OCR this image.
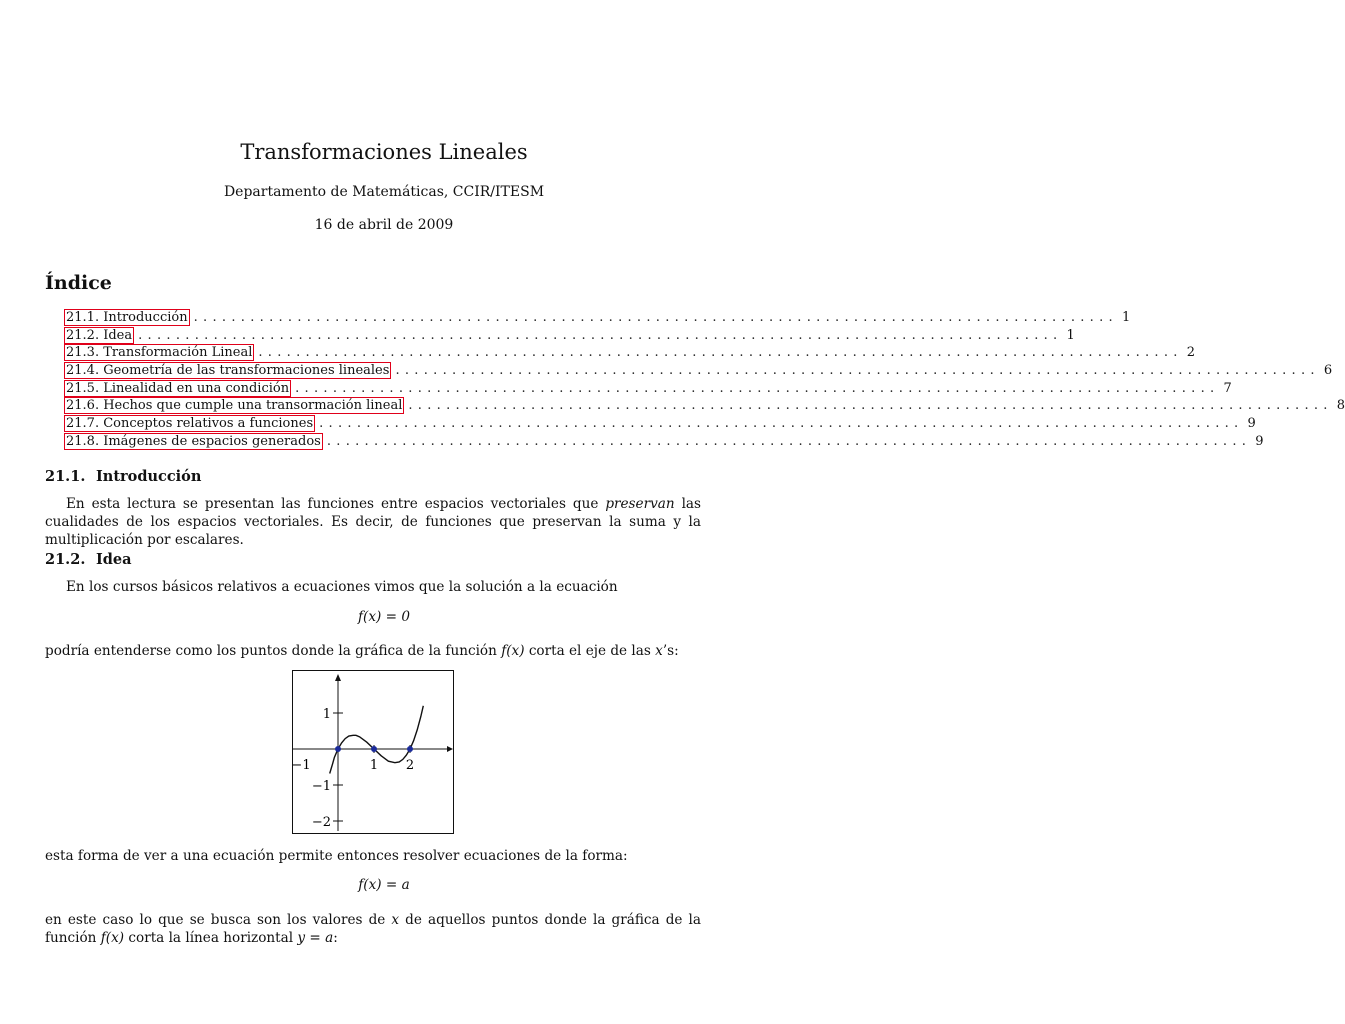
Transformaciones Lineales
Departamento de Matemáticas, CCIR/ITESM
16 de abril de 2009
Índice
21.1. Introducción .................................................................................................. 1
21.2. Idea .................................................................................................. 1
21.3. Transformación Lineal .................................................................................................. 2
21.4. Geometría de las transformaciones lineales .................................................................................................. 6
21.5. Linealidad en una condición .................................................................................................. 7
21.6. Hechos que cumple una transormación lineal .................................................................................................. 8
21.7. Conceptos relativos a funciones .................................................................................................. 9
21.8. Imágenes de espacios generados .................................................................................................. 9
21.1. Introducción
En esta lectura se presentan las funciones entre espacios vectoriales que preservan las cualidades de los espacios vectoriales. Es decir, de funciones que preservan la suma y la multiplicación por escalares.
21.2. Idea
En los cursos básicos relativos a ecuaciones vimos que la solución a la ecuación
f(x) = 0
podría entenderse como los puntos donde la gráfica de la función f(x) corta el eje de las x’s:
−1	1 2
1
−1
−2
esta forma de ver a una ecuación permite entonces resolver ecuaciones de la forma:
f(x) = a
en este caso lo que se busca son los valores de x de aquellos puntos donde la gráfica de la función f(x) corta la línea horizontal y = a:
